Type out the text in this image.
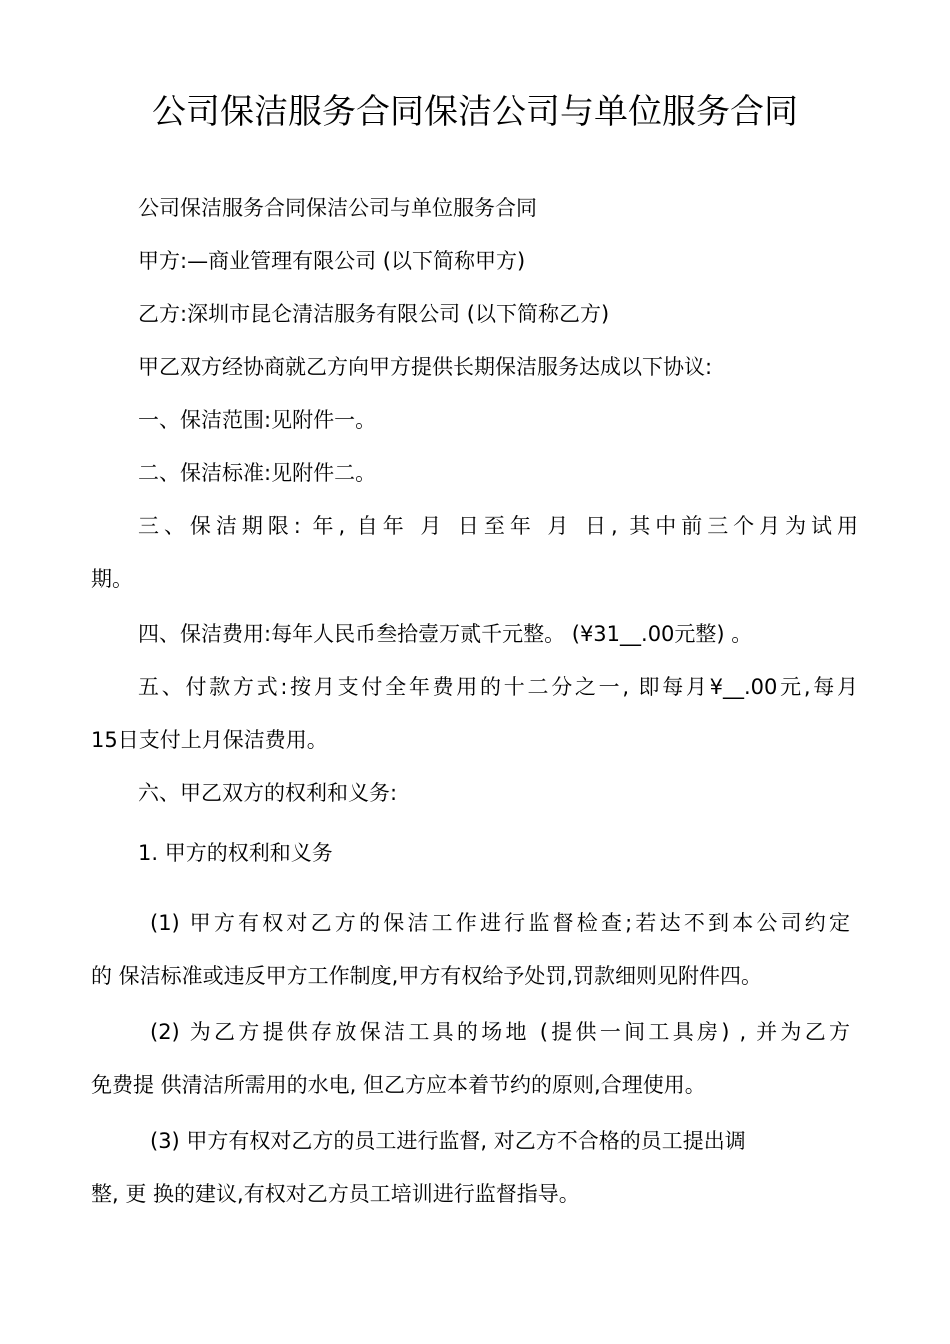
公司保洁服务合同保洁公司与单位服务合同
公司保洁服务合同保洁公司与单位服务合同
甲方:—商业管理有限公司 (以下简称甲方)
乙方:深圳市昆仑清洁服务有限公司 (以下简称乙方)
甲乙双方经协商就乙方向甲方提供长期保洁服务达成以下协议:
一、保洁范围:见附件一。
二、保洁标准:见附件二。
三、保洁期限: 年, 自年 月 日至年 月 日, 其中前三个月为试用
期。
四、保洁费用:每年人民币叁拾壹万贰千元整。 (¥31__.00元整) 。
五、付款方式:按月支付全年费用的十二分之一, 即每月¥__.00元,每月
15日支付上月保洁费用。
六、甲乙双方的权利和义务:
1. 甲方的权利和义务
(1) 甲方有权对乙方的保洁工作进行监督检查;若达不到本公司约定
的 保洁标准或违反甲方工作制度,甲方有权给予处罚,罚款细则见附件四。
(2) 为乙方提供存放保洁工具的场地 (提供一间工具房) , 并为乙方
免费提 供清洁所需用的水电, 但乙方应本着节约的原则,合理使用。
(3) 甲方有权对乙方的员工进行监督, 对乙方不合格的员工提出调
整, 更 换的建议,有权对乙方员工培训进行监督指导。
